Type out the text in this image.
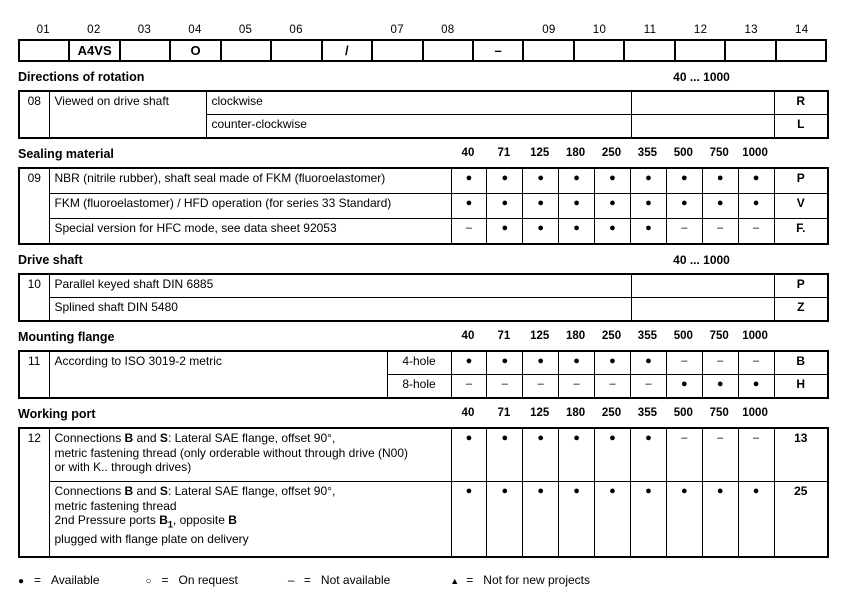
01	02	03	04	05	06	07	08	09	10	11	12	13	14
	A4VS		O			/			–						
Directions of rotation	40 ... 1000
08	Viewed on drive shaft	clockwise		R
		counter-clockwise		L
Sealing material	40	71	125	180	250	355	500	750	1000
09	NBR (nitrile rubber), shaft seal made of FKM (fluoroelastomer)	●	●	●	●	●	●	●	●	●	P
	FKM (fluoroelastomer) / HFD operation (for series 33 Standard)	●	●	●	●	●	●	●	●	●	V
	Special version for HFC mode, see data sheet 92053	–	●	●	●	●	●	–	–	–	F.
Drive shaft	40 ... 1000
10	Parallel keyed shaft DIN 6885		P
	Splined shaft DIN 5480		Z
Mounting flange	40	71	125	180	250	355	500	750	1000
11	According to ISO 3019-2 metric	4-hole	●	●	●	●	●	●	–	–	–	B
		8-hole	–	–	–	–	–	–	●	●	●	H
Working port	40	71	125	180	250	355	500	750	1000
12	Connections B and S: Lateral SAE flange, offset 90°,
metric fastening thread (only orderable without through drive (N00)
or with K.. through drives)	●	●	●	●	●	●	–	–	–	13
	Connections B and S: Lateral SAE flange, offset 90°,
metric fastening thread
2nd Pressure ports $B_1$, opposite B
plugged with flange plate on delivery	●	●	●	●	●	●	●	●	●	25
● = Available	○ = On request	– = Not available	▲ = Not for new projects
